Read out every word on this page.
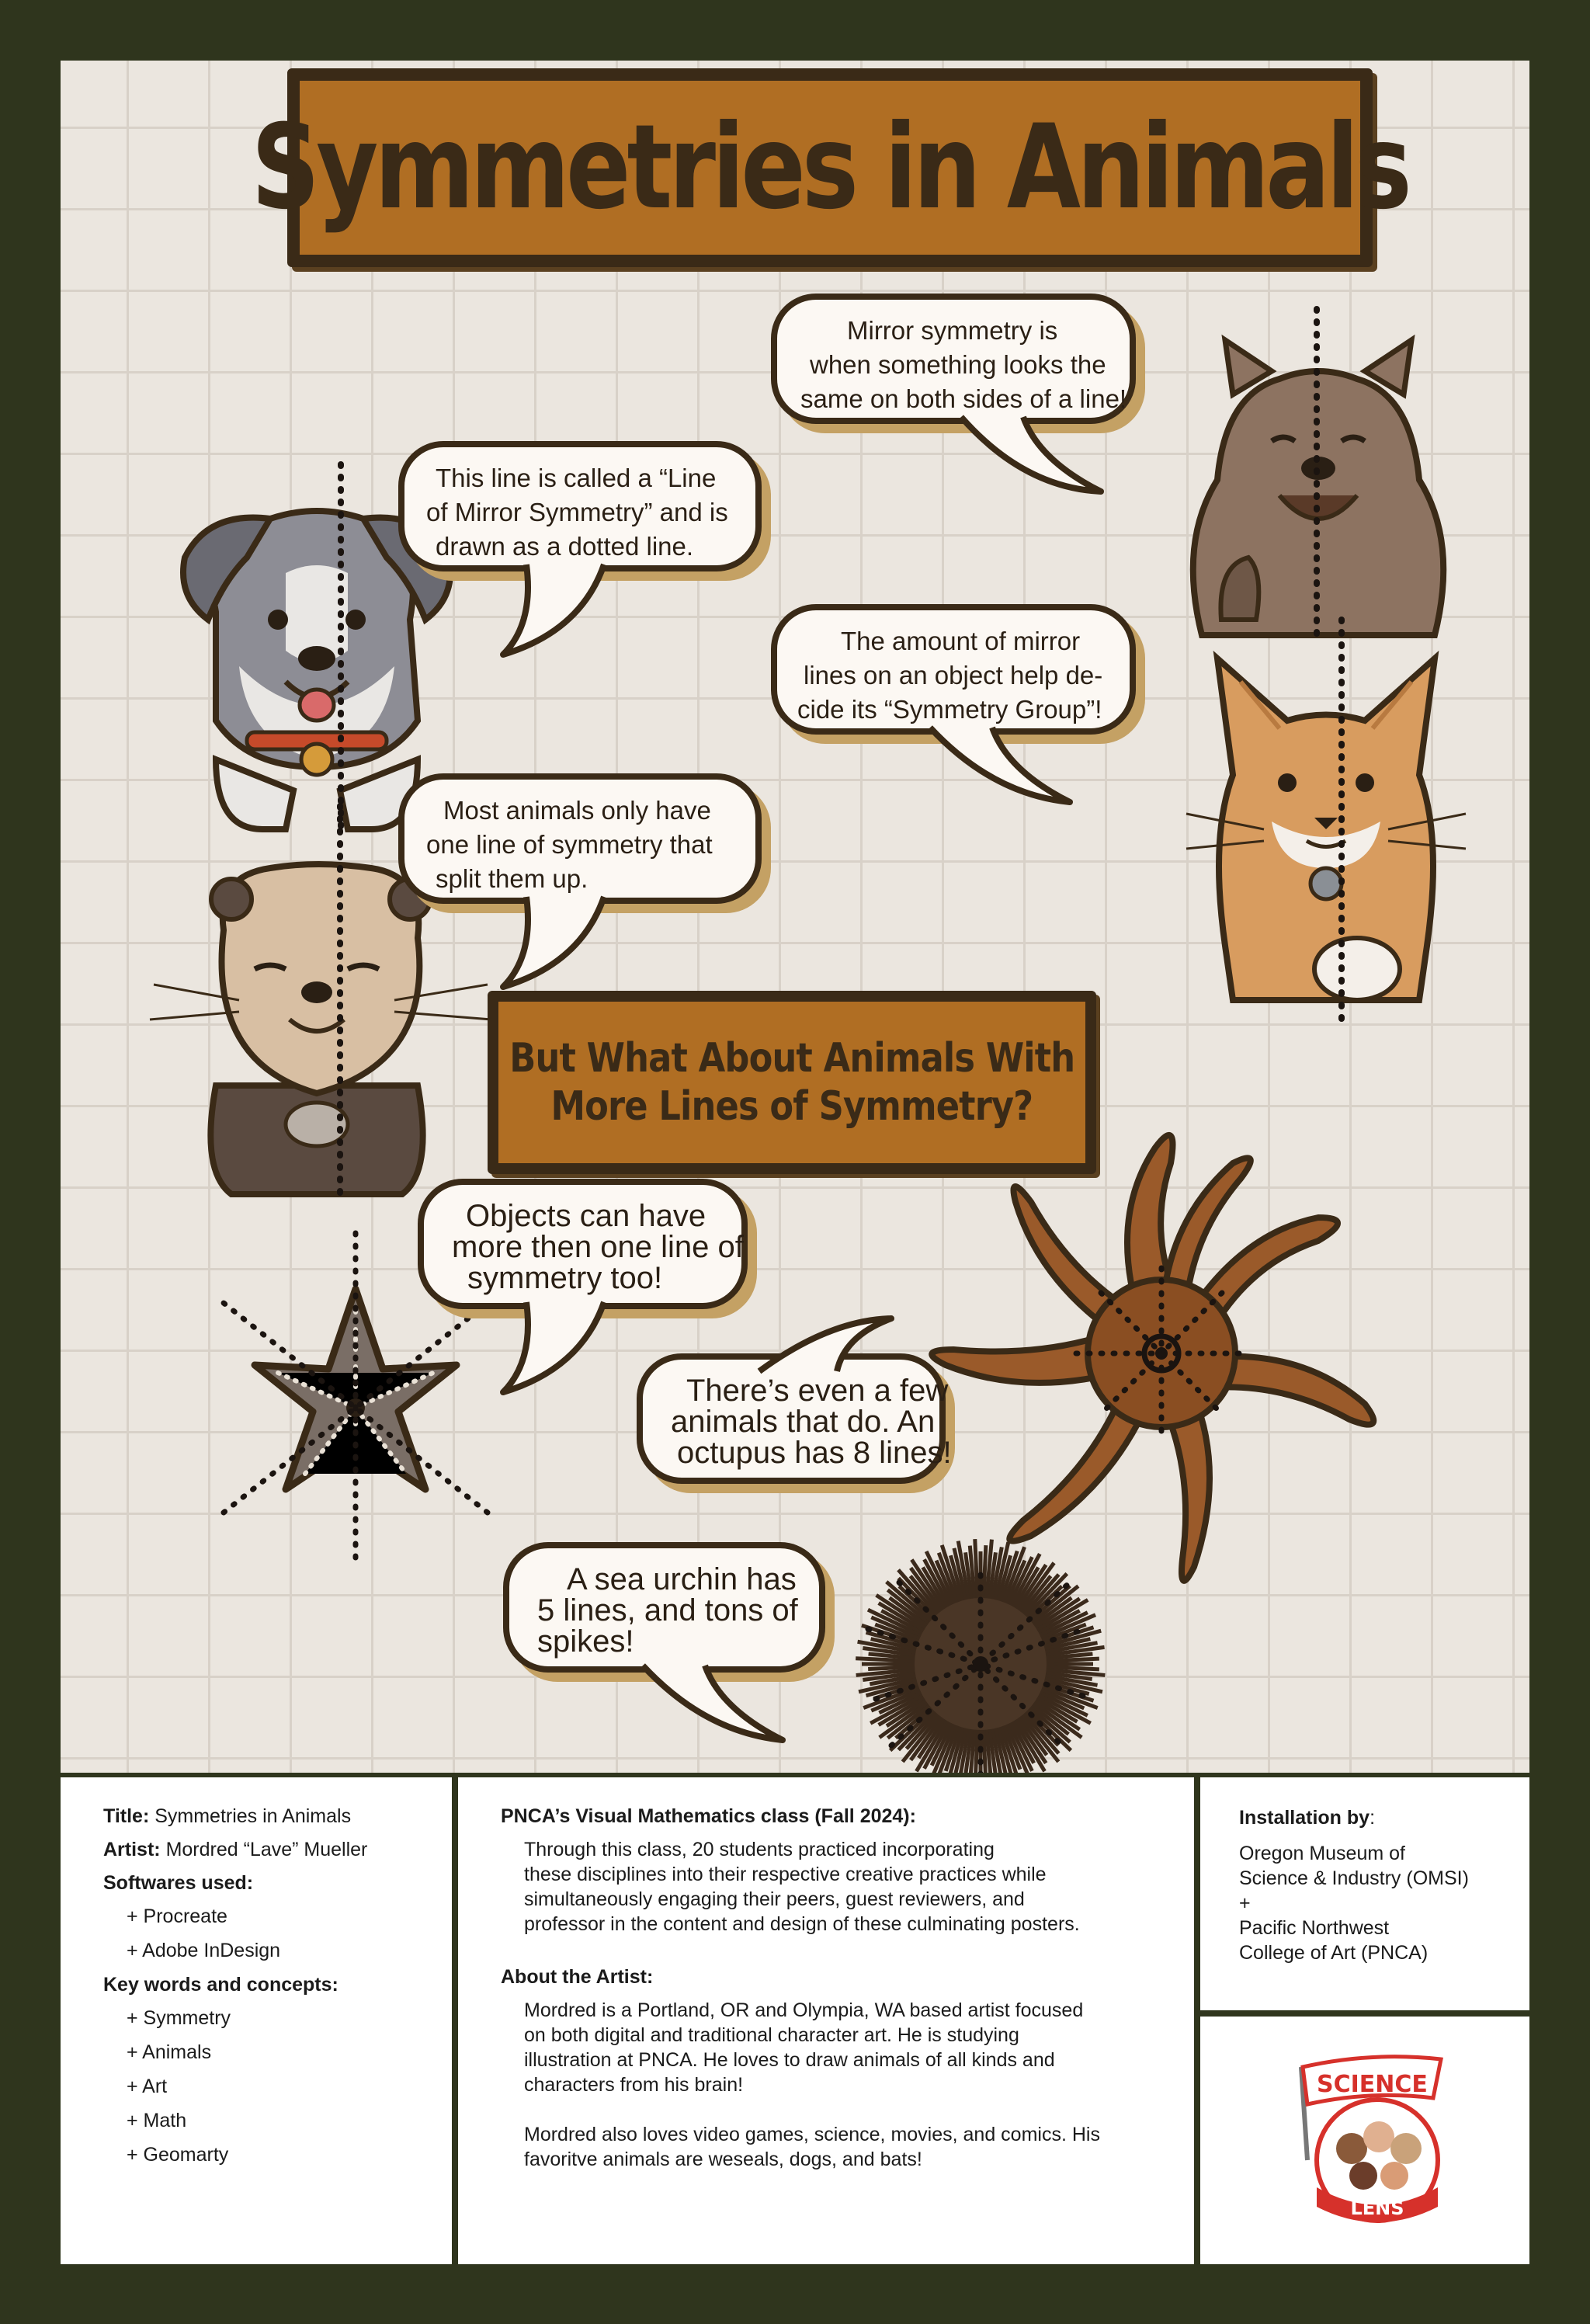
Symmetries in Animals
Mirror symmetry is
when something looks the
same on both sides of a line!
This line is called a “Line
of Mirror Symmetry” and is
drawn as a dotted line.
The amount of mirror
lines on an object help de-
cide its “Symmetry Group”!
Most animals only have
one line of symmetry that
split them up.
But What About Animals With
More Lines of Symmetry?
Objects can have
more then one line of
symmetry too!
There’s even a few
animals that do. An
octupus has 8 lines!
A sea urchin has
5 lines, and tons of
spikes!
Title: Symmetries in Animals
Artist: Mordred “Lave” Mueller
Softwares used:
+ Procreate
+ Adobe InDesign
Key words and concepts:
+ Symmetry
+ Animals
+ Art
+ Math
+ Geomarty
PNCA’s Visual Mathematics class (Fall 2024):
Through this class, 20 students practiced incorporating
these disciplines into their respective creative practices while
simultaneously engaging their peers, guest reviewers, and
professor in the content and design of these culminating posters.
About the Artist:
Mordred is a Portland, OR and Olympia, WA based artist focused
on both digital and traditional character art. He is studying
illustration at PNCA. He loves to draw animals of all kinds and
characters from his brain!
Mordred also loves video games, science, movies, and comics. His
favoritve animals are weseals, dogs, and bats!
Installation by:
Oregon Museum of
Science & Industry (OMSI)
+
Pacific Northwest
College of Art (PNCA)
SCIENCE
THROUGH EVERY
LENS
